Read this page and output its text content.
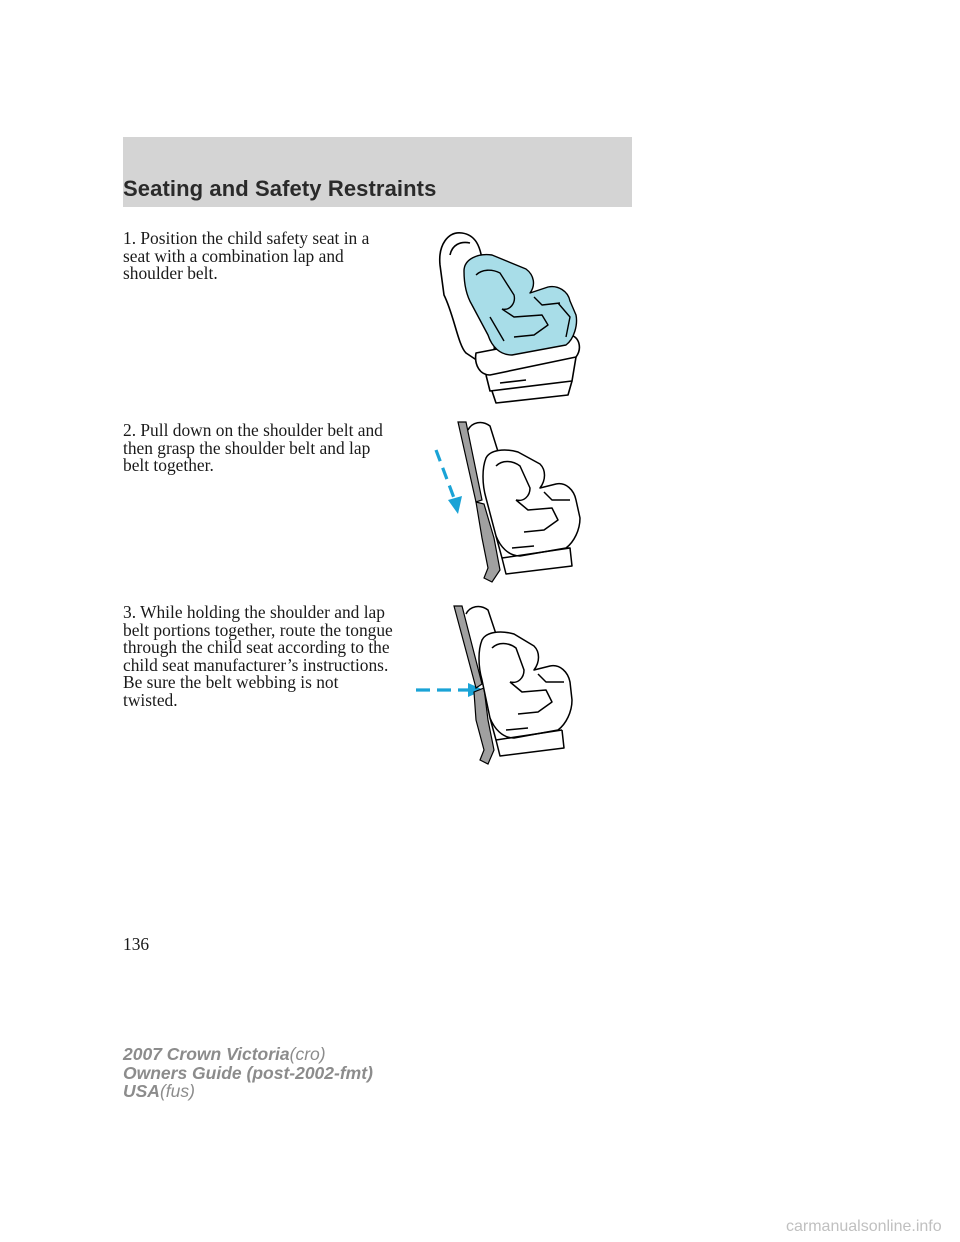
Seating and Safety Restraints
1. Position the child safety seat in a seat with a combination lap and shoulder belt.
2. Pull down on the shoulder belt and then grasp the shoulder belt and lap belt together.
3. While holding the shoulder and lap belt portions together, route the tongue through the child seat according to the child seat manufacturer’s instructions. Be sure the belt webbing is not twisted.
136
2007 Crown Victoria(cro)
Owners Guide (post-2002-fmt)
USA(fus)
carmanualsonline.info
